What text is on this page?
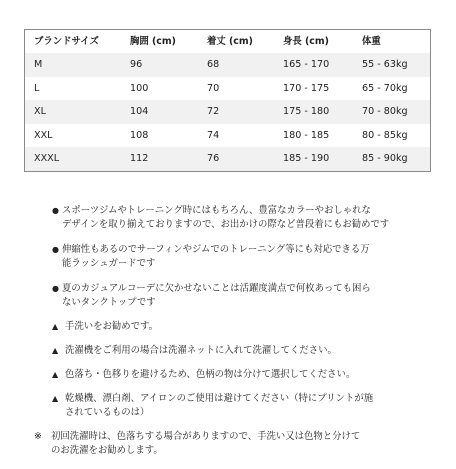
ブランドサイズ	胸囲 (cm)	着丈 (cm)	身長 (cm)	体重
M	96	68	165 - 170	55 - 63kg
L	100	70	170 - 175	65 - 70kg
XL	104	72	175 - 180	70 - 80kg
XXL	108	74	180 - 185	80 - 85kg
XXXL	112	76	185 - 190	85 - 90kg
● スポーツジムやトレーニング時にはもちろん、豊富なカラーやおしゃれな
デザインを取り揃えておりますので、お出かけの際など普段着にもお勧めです
● 伸縮性もあるのでサーフィンやジムでのトレーニング等にも対応できる万
能ラッシュガードです
● 夏のカジュアルコーデに欠かせないことは活躍度満点で何枚あっても困ら
ないタンクトップです
▲ 手洗いをお勧めです。
▲ 洗濯機をご利用の場合は洗濯ネットに入れて洗濯してください。
▲ 色落ち・色移りを避けるため、色柄の物は分けて選択してください。
▲ 乾燥機、漂白剤、アイロンのご使用は避けてください（特にプリントが施
されているものは）
※ 初回洗濯時は、色落ちする場合がありますので、手洗い又は色物と分けて
のお洗濯をお勧めします。
